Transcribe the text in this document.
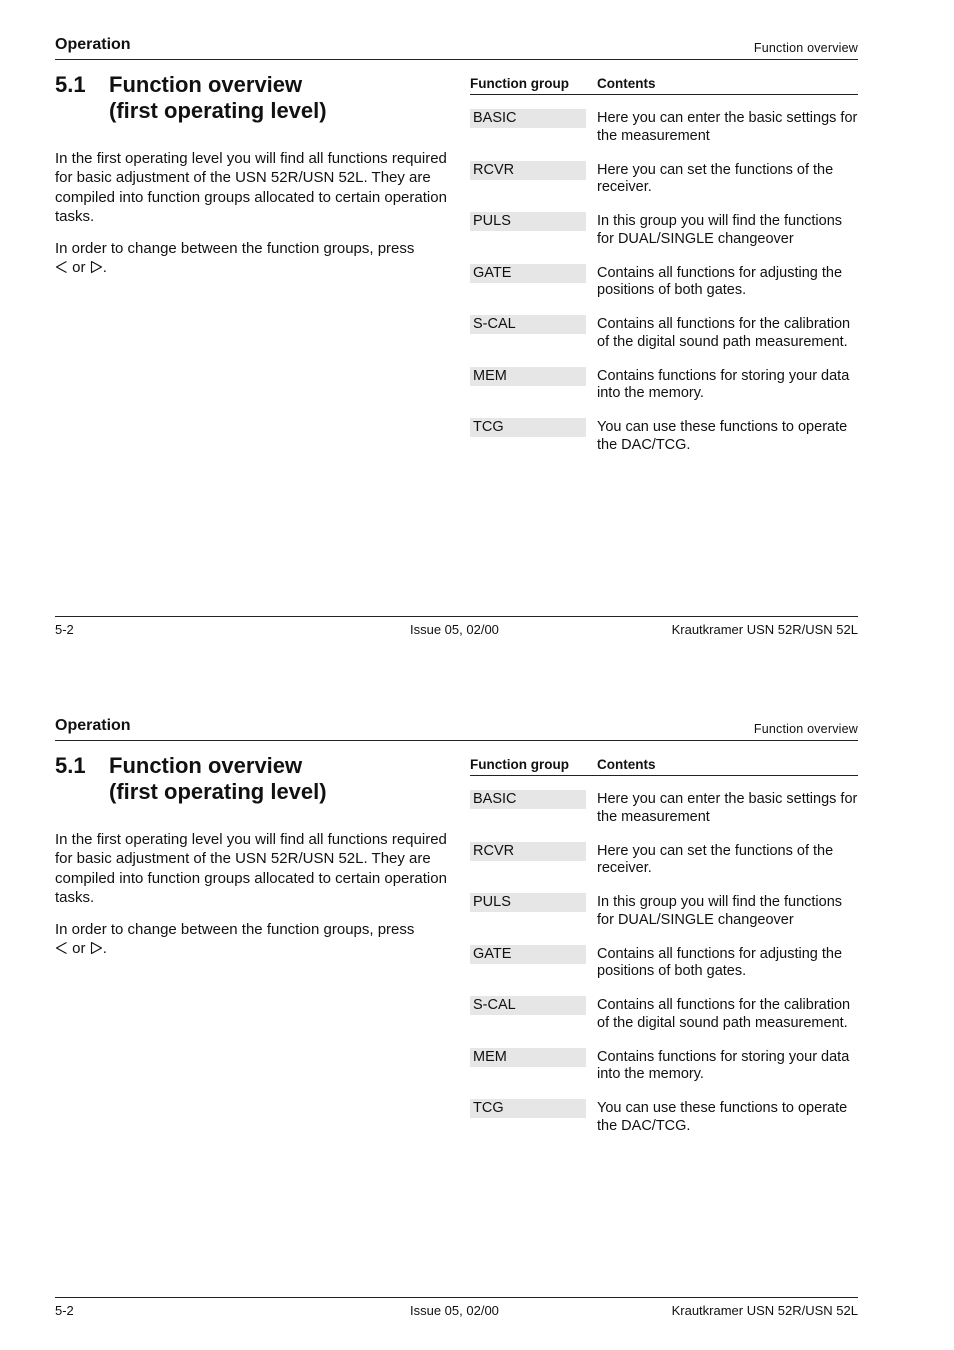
Operation	Function overview
5.1 Function overview
(first operating level)

In the first operating level you will find all functions required for basic adjustment of the USN 52R/USN 52L. They are compiled into function groups allocated to certain operation tasks.

In order to change between the function groups, press

or .

Function group Contents
BASIC	Here you can enter the basic settings for the measurement
RCVR	Here you can set the functions of the receiver.
PULS	In this group you will find the functions for DUAL/SINGLE changeover
GATE	Contains all functions for adjusting the positions of both gates.
S-CAL	Contains all functions for the calibration of the digital sound path measurement.
MEM	Contains functions for storing your data into the memory.
TCG	You can use these functions to operate the DAC/TCG.
5-2	Issue 05, 02/00	Krautkramer USN 52R/USN 52L
Operation	Function overview
5.1 Function overview
(first operating level)

In the first operating level you will find all functions required for basic adjustment of the USN 52R/USN 52L. They are compiled into function groups allocated to certain operation tasks.

In order to change between the function groups, press

or .

Function group Contents
BASIC	Here you can enter the basic settings for the measurement
RCVR	Here you can set the functions of the receiver.
PULS	In this group you will find the functions for DUAL/SINGLE changeover
GATE	Contains all functions for adjusting the positions of both gates.
S-CAL	Contains all functions for the calibration of the digital sound path measurement.
MEM	Contains functions for storing your data into the memory.
TCG	You can use these functions to operate the DAC/TCG.
5-2	Issue 05, 02/00	Krautkramer USN 52R/USN 52L
